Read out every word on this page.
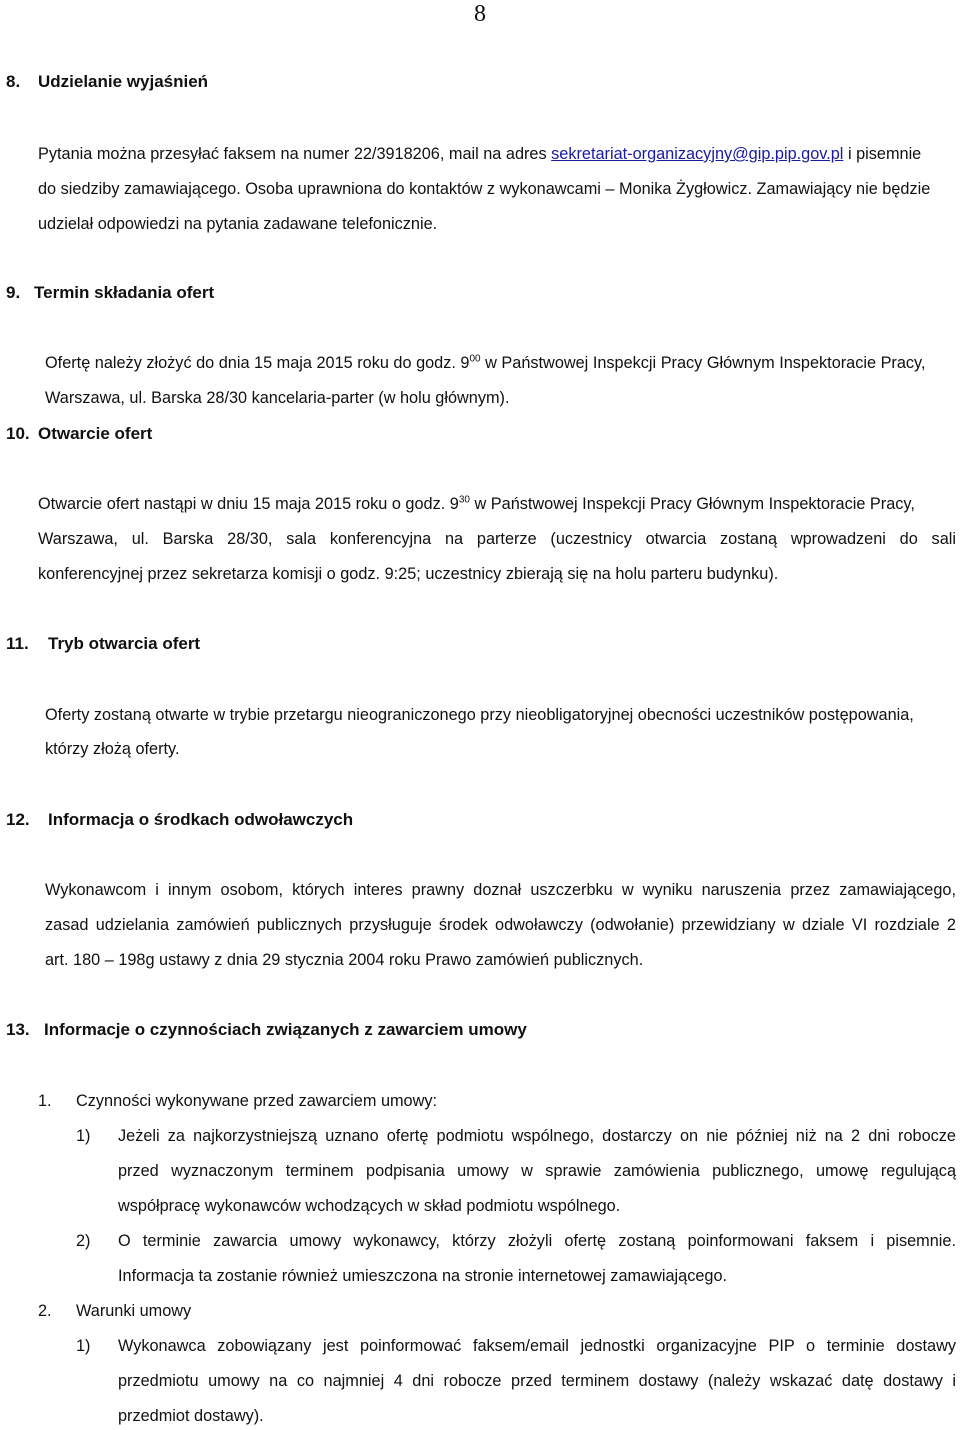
8
8. Udzielanie wyjaśnień
Pytania można przesyłać faksem na numer 22/3918206, mail na adres sekretariat-organizacyjny@gip.pip.gov.pl i pisemnie
do siedziby zamawiającego. Osoba uprawniona do kontaktów z wykonawcami – Monika Żygłowicz. Zamawiający nie będzie
udzielał odpowiedzi na pytania zadawane telefonicznie.
9. Termin składania ofert
Ofertę należy złożyć do dnia 15 maja 2015 roku do godz. $9^{00}$ w Państwowej Inspekcji Pracy Głównym Inspektoracie Pracy,
Warszawa, ul. Barska 28/30 kancelaria-parter (w holu głównym).
10. Otwarcie ofert
Otwarcie ofert nastąpi w dniu 15 maja 2015 roku o godz. $9^{30}$ w Państwowej Inspekcji Pracy Głównym Inspektoracie Pracy,
Warszawa, ul. Barska 28/30, sala konferencyjna na parterze (uczestnicy otwarcia zostaną wprowadzeni do sali
konferencyjnej przez sekretarza komisji o godz. 9:25; uczestnicy zbierają się na holu parteru budynku).
11. Tryb otwarcia ofert
Oferty zostaną otwarte w trybie przetargu nieograniczonego przy nieobligatoryjnej obecności uczestników postępowania,
którzy złożą oferty.
12. Informacja o środkach odwoławczych
Wykonawcom i innym osobom, których interes prawny doznał uszczerbku w wyniku naruszenia przez zamawiającego,
zasad udzielania zamówień publicznych przysługuje środek odwoławczy (odwołanie) przewidziany w dziale VI rozdziale 2
art. 180 – 198g ustawy z dnia 29 stycznia 2004 roku Prawo zamówień publicznych.
13. Informacje o czynnościach związanych z zawarciem umowy
1. Czynności wykonywane przed zawarciem umowy:
1) Jeżeli za najkorzystniejszą uznano ofertę podmiotu wspólnego, dostarczy on nie później niż na 2 dni robocze
przed wyznaczonym terminem podpisania umowy w sprawie zamówienia publicznego, umowę regulującą
współpracę wykonawców wchodzących w skład podmiotu wspólnego.
2) O terminie zawarcia umowy wykonawcy, którzy złożyli ofertę zostaną poinformowani faksem i pisemnie.
Informacja ta zostanie również umieszczona na stronie internetowej zamawiającego.
2. Warunki umowy
1) Wykonawca zobowiązany jest poinformować faksem/email jednostki organizacyjne PIP o terminie dostawy
przedmiotu umowy na co najmniej 4 dni robocze przed terminem dostawy (należy wskazać datę dostawy i
przedmiot dostawy).
